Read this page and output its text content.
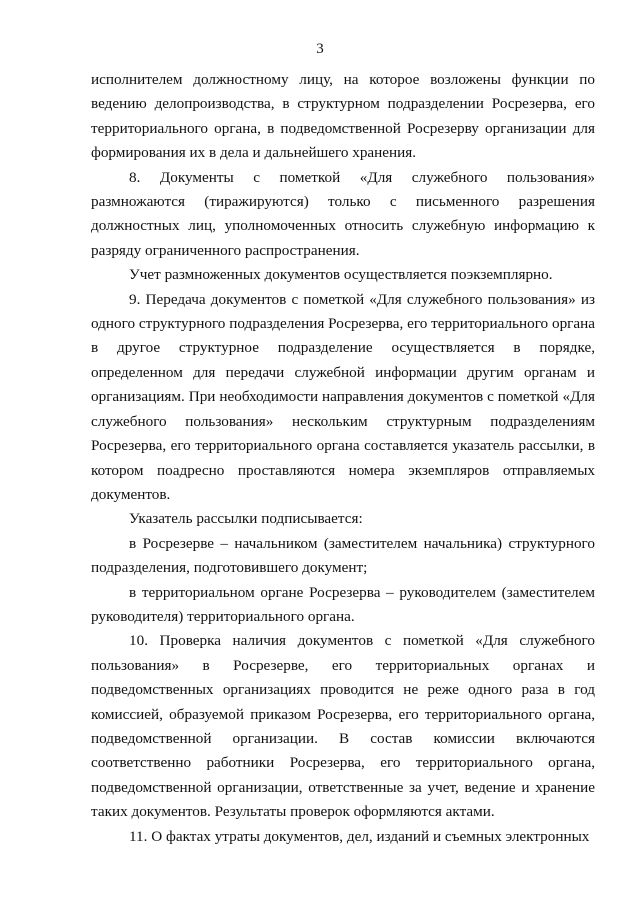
3

исполнителем должностному лицу, на которое возложены функции по ведению делопроизводства, в структурном подразделении Росрезерва, его территориального органа, в подведомственной Росрезерву организации для формирования их в дела и дальнейшего хранения.

8. Документы с пометкой «Для служебного пользования» размножаются (тиражируются) только с письменного разрешения должностных лиц, уполномоченных относить служебную информацию к разряду ограниченного распространения.

Учет размноженных документов осуществляется поэкземплярно.

9. Передача документов с пометкой «Для служебного пользования» из одного структурного подразделения Росрезерва, его территориального органа в другое структурное подразделение осуществляется в порядке, определенном для передачи служебной информации другим органам и организациям. При необходимости направления документов с пометкой «Для служебного пользования» нескольким структурным подразделениям Росрезерва, его территориального органа составляется указатель рассылки, в котором поадресно проставляются номера экземпляров отправляемых документов.

Указатель рассылки подписывается:

в Росрезерве – начальником (заместителем начальника) структурного подразделения, подготовившего документ;

в территориальном органе Росрезерва – руководителем (заместителем руководителя) территориального органа.

10. Проверка наличия документов с пометкой «Для служебного пользования» в Росрезерве, его территориальных органах и подведомственных организациях проводится не реже одного раза в год комиссией, образуемой приказом Росрезерва, его территориального органа, подведомственной организации. В состав комиссии включаются соответственно работники Росрезерва, его территориального органа, подведомственной организации, ответственные за учет, ведение и хранение таких документов. Результаты проверок оформляются актами.

11. О фактах утраты документов, дел, изданий и съемных электронных
